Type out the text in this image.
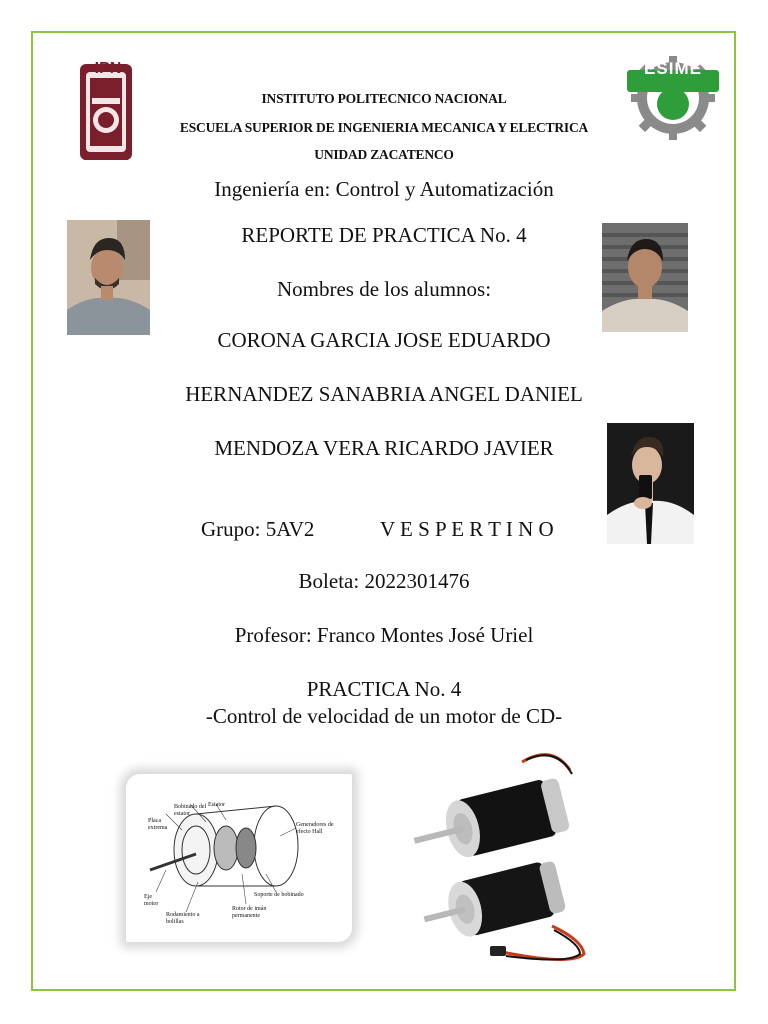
IPN	ESIME
INSTITUTO POLITECNICO NACIONAL
ESCUELA SUPERIOR DE INGENIERIA MECANICA Y ELECTRICA
UNIDAD ZACATENCO
Ingeniería en: Control y Automatización
REPORTE DE PRACTICA No. 4
Nombres de los alumnos:
CORONA GARCIA JOSE EDUARDO
HERNANDEZ SANABRIA ANGEL DANIEL
MENDOZA VERA RICARDO JAVIER
Grupo: 5AV2	V E S P E R T I N O
Boleta: 2022301476
Profesor: Franco Montes José Uriel
PRACTICA No. 4
-Control de velocidad de un motor de CD-
Bobinado del estator
Estator
Placa extrema	Generadores de efecto Hall
Eje motor
Rodamiento a bolillas
Rotor de imán permanente
Soporte de bobinado
